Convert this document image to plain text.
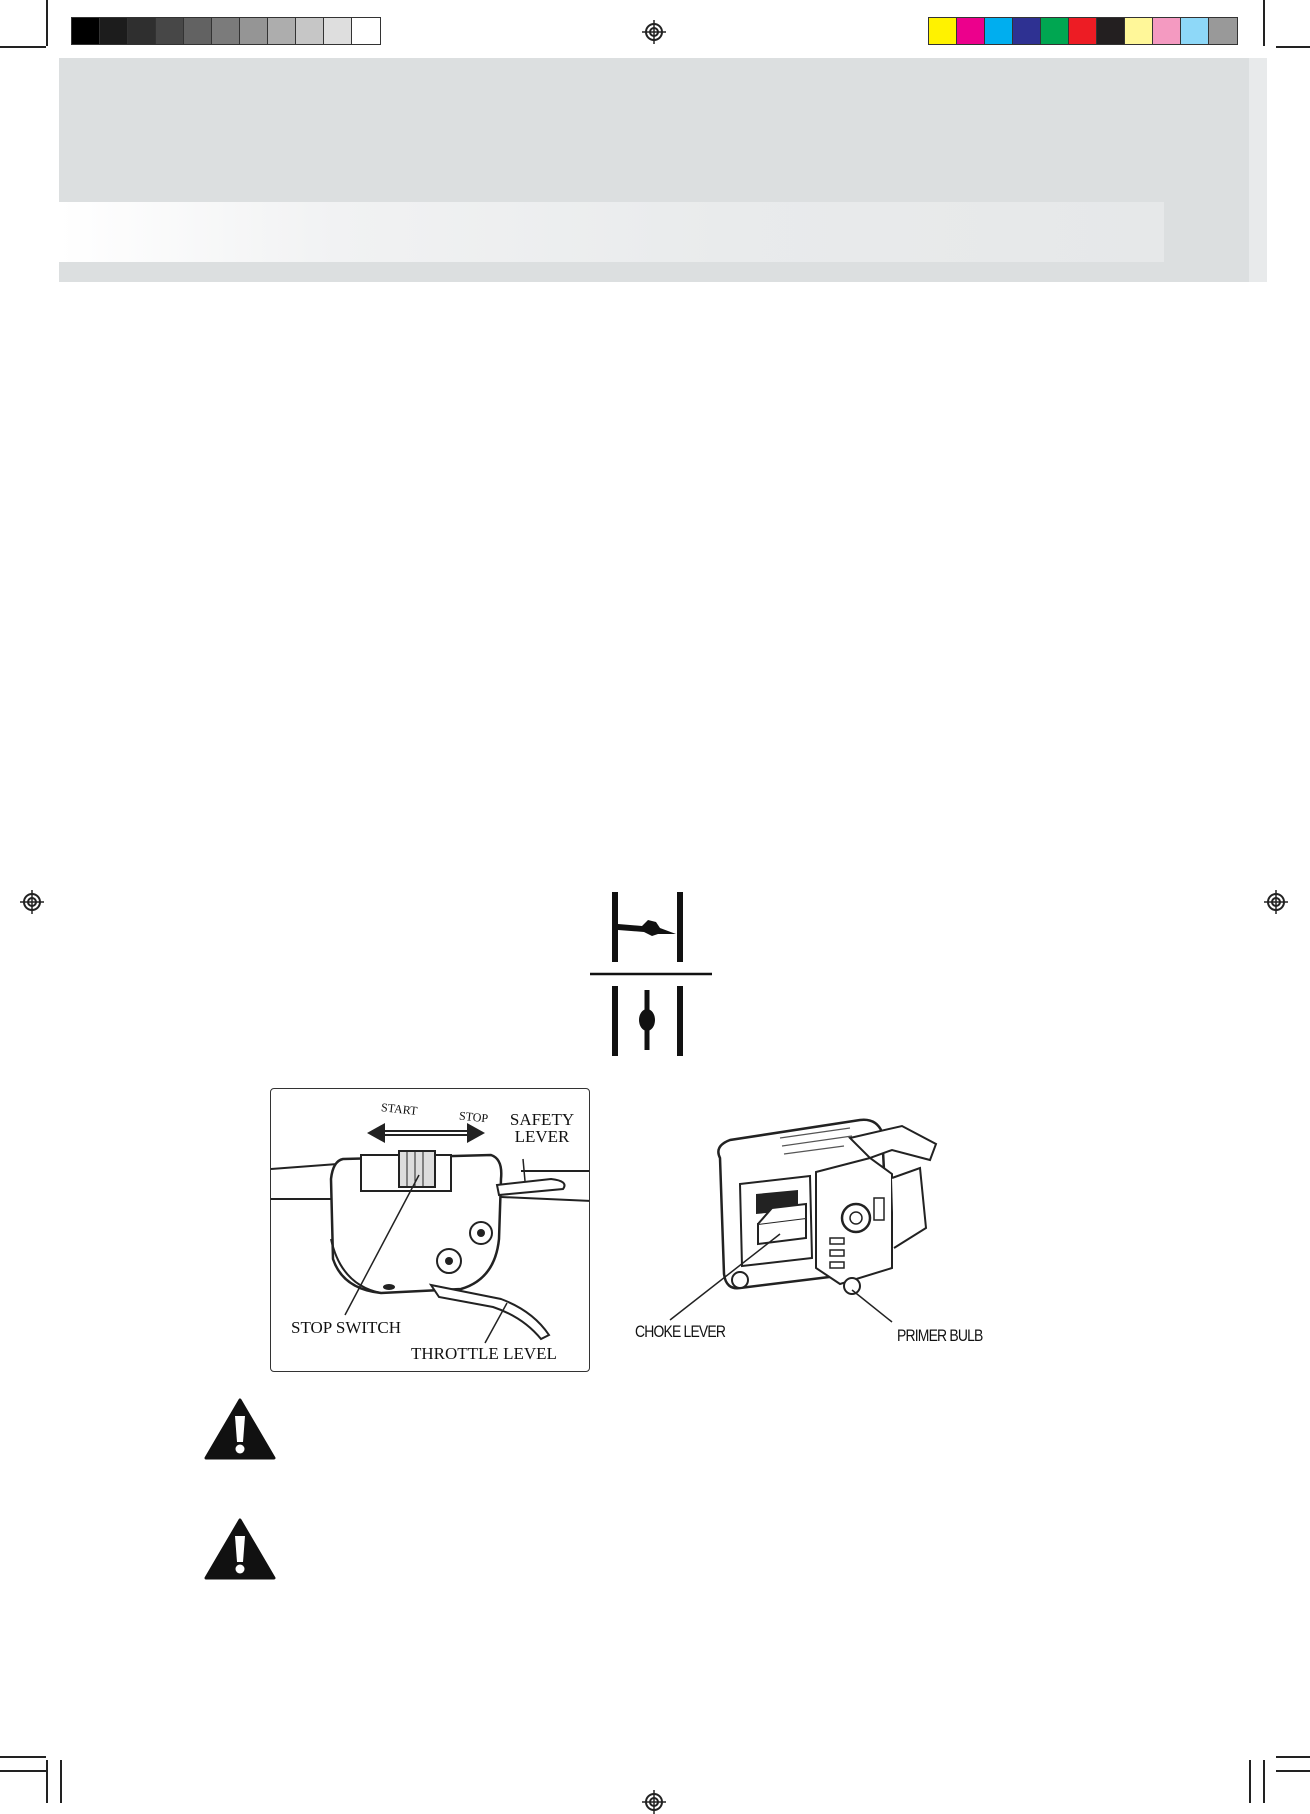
START	STOP SAFETY LEVER
STOP SWITCH
THROTTLE LEVEL
CHOKE LEVER	PRIMER BULB
